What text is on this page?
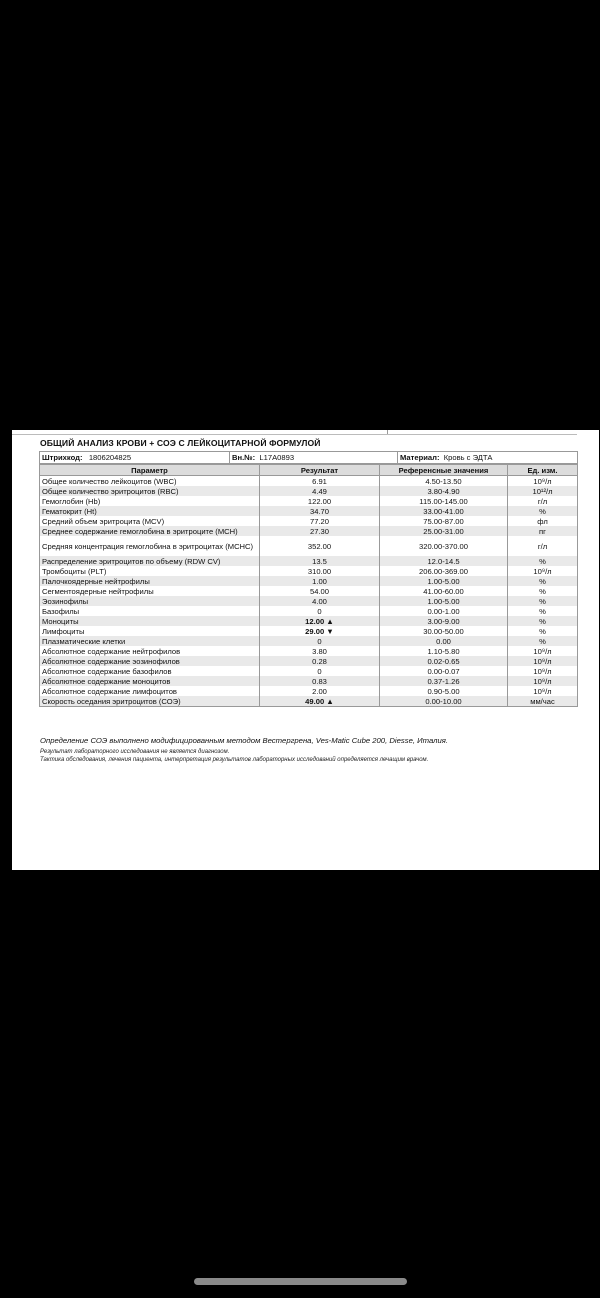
ОБЩИЙ АНАЛИЗ КРОВИ + СОЭ С ЛЕЙКОЦИТАРНОЙ ФОРМУЛОЙ
Штрихкод: 1806204825	Вн.№: L17A0893	Материал: Кровь с ЭДТА
Параметр	Результат	Референсные значения	Ед. изм.
Общее количество лейкоцитов (WBC)	6.91	4.50-13.50	10⁹/л
Общее количество эритроцитов (RBC)	4.49	3.80-4.90	10¹²/л
Гемоглобин (Hb)	122.00	115.00-145.00	г/л
Гематокрит (Ht)	34.70	33.00-41.00	%
Средний объем эритроцита (MCV)	77.20	75.00-87.00	фл
Среднее содержание гемоглобина в эритроците (MCH)	27.30	25.00-31.00	пг
Средняя концентрация гемоглобина в эритроцитах (МСНС)	352.00	320.00-370.00	г/л
Распределение эритроцитов по объему (RDW CV)	13.5	12.0-14.5	%
Тромбоциты (PLT)	310.00	206.00-369.00	10⁹/л
Палочкоядерные нейтрофилы	1.00	1.00-5.00	%
Сегментоядерные нейтрофилы	54.00	41.00-60.00	%
Эозинофилы	4.00	1.00-5.00	%
Базофилы	0	0.00-1.00	%
Моноциты	12.00 ▲	3.00-9.00	%
Лимфоциты	29.00 ▼	30.00-50.00	%
Плазматические клетки	0	0.00	%
Абсолютное содержание нейтрофилов	3.80	1.10-5.80	10⁹/л
Абсолютное содержание эозинофилов	0.28	0.02-0.65	10⁹/л
Абсолютное содержание базофилов	0	0.00-0.07	10⁹/л
Абсолютное содержание моноцитов	0.83	0.37-1.26	10⁹/л
Абсолютное содержание лимфоцитов	2.00	0.90-5.00	10⁹/л
Скорость оседания эритроцитов (СОЭ)	49.00 ▲	0.00-10.00	мм/час
Определение СОЭ выполнено модифицированным методом Вестергрена, Ves-Matic Cube 200, Diesse, Италия.
Результат лабораторного исследования не является диагнозом.
Тактика обследования, лечения пациента, интерпретация результатов лабораторных исследований определяется лечащим врачом.
